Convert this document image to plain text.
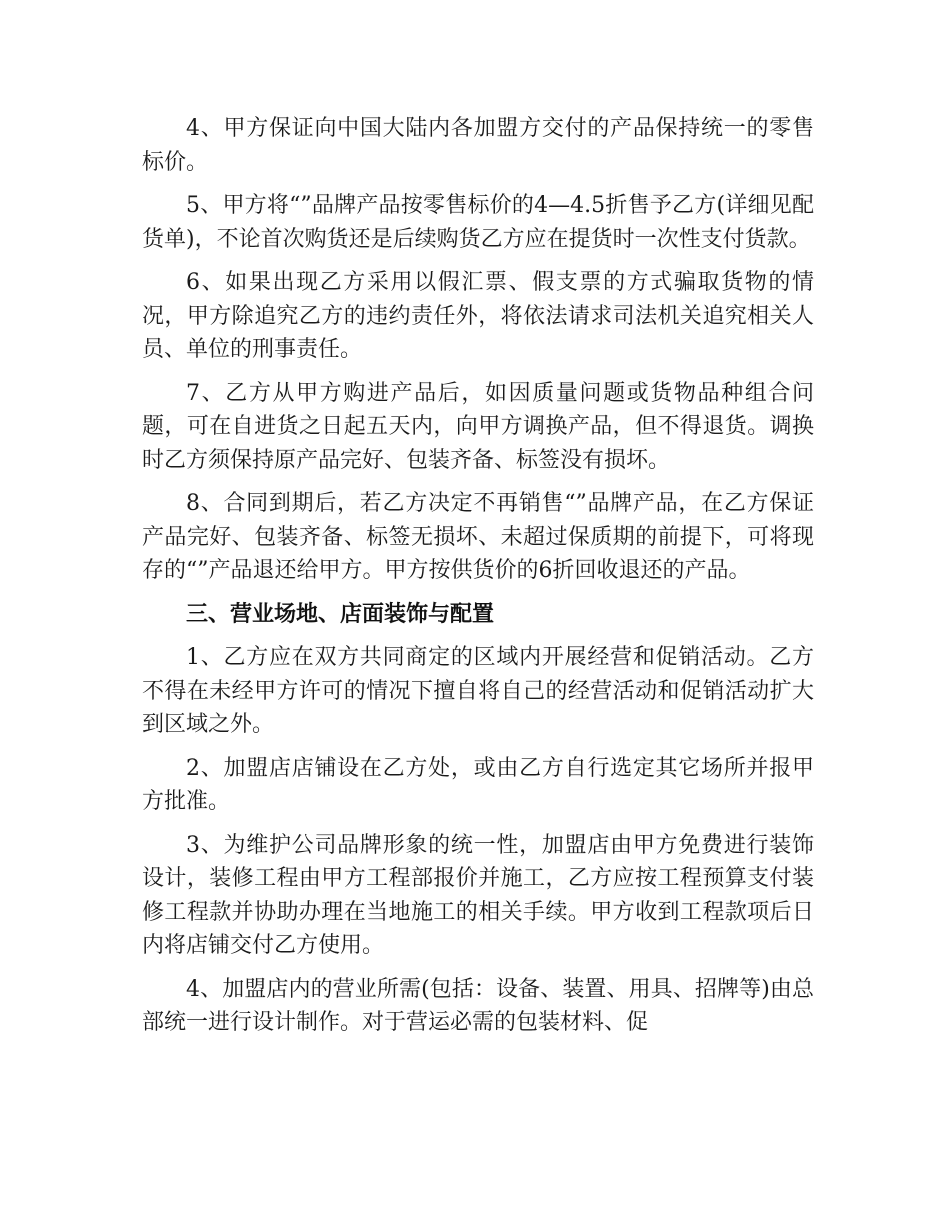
4、甲方保证向中国大陆内各加盟方交付的产品保持统一的零售标价。

5、甲方将“”品牌产品按零售标价的4—4.5折售予乙方(详细见配货单)，不论首次购货还是后续购货乙方应在提货时一次性支付货款。

6、如果出现乙方采用以假汇票、假支票的方式骗取货物的情况，甲方除追究乙方的违约责任外，将依法请求司法机关追究相关人员、单位的刑事责任。

7、乙方从甲方购进产品后，如因质量问题或货物品种组合问题，可在自进货之日起五天内，向甲方调换产品，但不得退货。调换时乙方须保持原产品完好、包装齐备、标签没有损坏。

8、合同到期后，若乙方决定不再销售“”品牌产品，在乙方保证产品完好、包装齐备、标签无损坏、未超过保质期的前提下，可将现存的“”产品退还给甲方。甲方按供货价的6折回收退还的产品。

三、营业场地、店面装饰与配置

1、乙方应在双方共同商定的区域内开展经营和促销活动。乙方不得在未经甲方许可的情况下擅自将自己的经营活动和促销活动扩大到区域之外。

2、加盟店店铺设在乙方处，或由乙方自行选定其它场所并报甲方批准。

3、为维护公司品牌形象的统一性，加盟店由甲方免费进行装饰设计，装修工程由甲方工程部报价并施工，乙方应按工程预算支付装修工程款并协助办理在当地施工的相关手续。甲方收到工程款项后日内将店铺交付乙方使用。

4、加盟店内的营业所需(包括：设备、装置、用具、招牌等)由总部统一进行设计制作。对于营运必需的包装材料、促
